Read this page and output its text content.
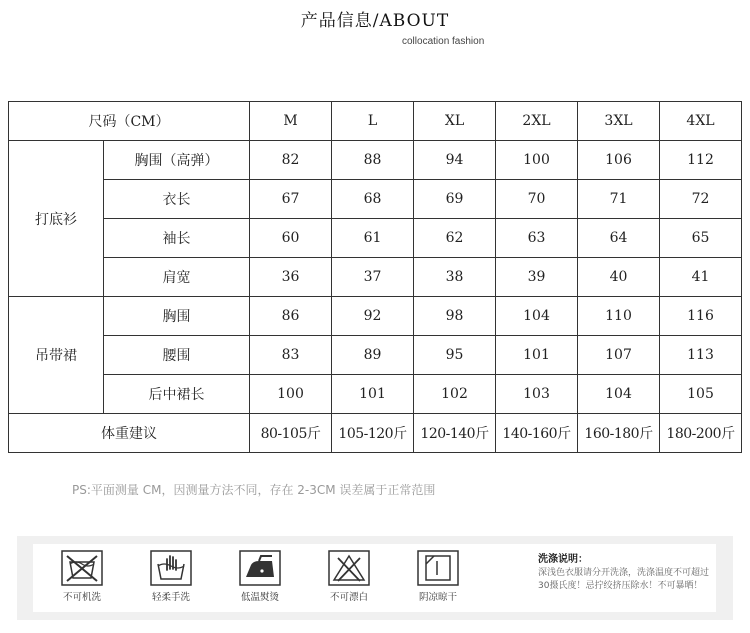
产品信息/ABOUT
collocation fashion
尺码（CM）		M	L	XL	2XL	3XL	4XL
打底衫	胸围（高弹）	82	88	94	100	106	112
	衣长	67	68	69	70	71	72
	袖长	60	61	62	63	64	65
	肩宽	36	37	38	39	40	41
吊带裙	胸围	86	92	98	104	110	116
	腰围	83	89	95	101	107	113
	后中裙长	100	101	102	103	104	105
体重建议		80-105斤	105-120斤	120-140斤	140-160斤	160-180斤	180-200斤
PS:平面测量 CM，因测量方法不同，存在 2-3CM 误差属于正常范围
不可机洗	轻柔手洗	低温熨烫	不可漂白	阴凉晾干
洗涤说明：
深浅色衣服请分开洗涤，洗涤温度不可超过30摄氏度！忌拧绞挤压除水！不可暴晒！
